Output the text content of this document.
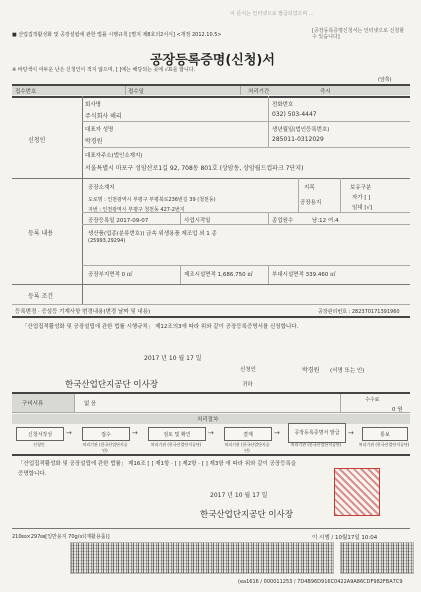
이 문서는 인터넷으로 발급되었으며 ...
■ 산업집적활성화 및 공장설립에 관한 법률 시행규칙 [별지 제8호의2서식] <개정 2012.10.5>
[공장등록증명신청서는 인터넷으로 신청할 수 있습니다]
공장등록증명(신청)서
※ 바탕색이 어두운 난은 신청인이 적지 않으며, [ ]에는 해당되는 곳에 √표를 합니다.
(앞쪽)
접수번호	접수일	처리기간	즉시
신청인
회사명
주식회사 해리
전화번호
032) 503-4447
대표자 성명
박경원
생년월일(법인등록번호)
285011-0312029
대표자주소(법인소재지)
서울특별시 마포구 성암산로1길 92, 708동 801호 (상암동, 상암월드컵파크 7단지)
등록 내용
공장소재지
도로명 : 인천광역시 부평구 부평북로236번길 39 (청천동)
지번 : 인천광역시 부평구 청천동 427-2번지
지목
공장용지
보유구분
자가 [ ]
임대 [√]
공장등록일 2017-09-07	사업시작일	종업원수	남:12 여:4
생산품(업종(분류번호)) 금속 위생용품 제조업 외 1 종
(25993,29294)
공장부지면적 0 ㎡	제조시설면적 1,686.750 ㎡	부대시설면적 339.460 ㎡
등록 조건
등록변경 · 증설등 기재사항 변경내용(변경 날짜 및 내용)	공장관리번호 : 282370171391960
「산업집적활성화 및 공장설립에 관한 법률 시행규칙」 제12조의3에 따라 위와 같이 공장등록증명서를 신청합니다.
2017 년 10 월 17 일
신청인	박경원 (서명 또는 인)
한국산업단지공단 이사장	귀하
구비서류	없 음
수수료
0 원
처리절차
신청서작성 →	접수	→	검토 및 확인 →	결재	→	공장등록증명서 발급 →	통보
신청인	처리기관 (한국산업단지공단)
처리기관 (한국산업단지공단)	처리기관 (한국산업단지공단)
처리기관 (한국산업단지공단)	처리기관 (한국산업단지공단)
「산업집적활성화 및 공장설립에 관한 법률」 제16조 [ ] 제1항 · [ ] 제2항 · [ ] 제3항 에 따라 위와 같이 공장등록을
증명합니다.
2017 년 10 월 17 일
한국산업단지공단 이사장
210㎜×297㎜[일반용지 70g/㎡(재활용품)]	이 시엠 / 10월17일 10:04
(ea1616 / 000011253 / 7D4B96D916C0422A9A86CDF982FBA7C9
